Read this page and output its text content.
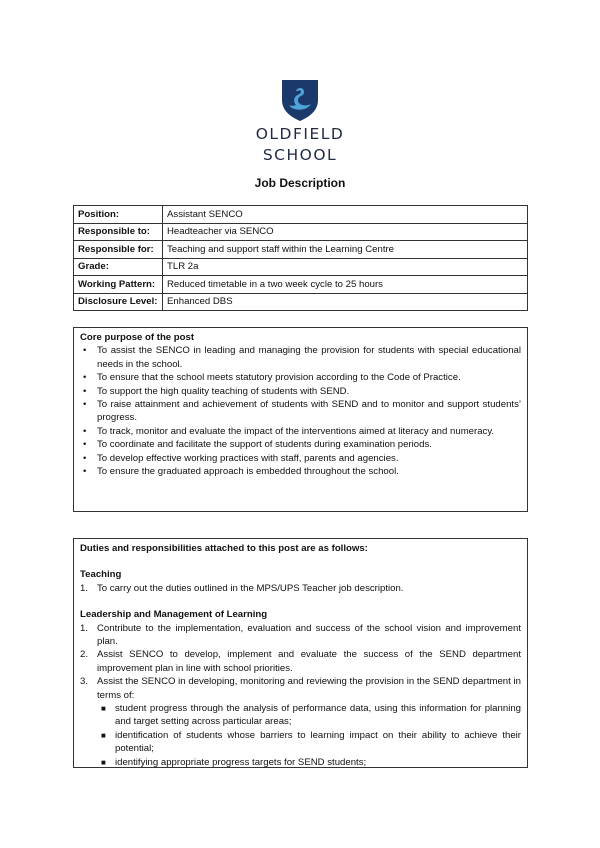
OLDFIELD
SCHOOL
Job Description
Position:	Assistant SENCO
Responsible to:	Headteacher via SENCO
Responsible for:	Teaching and support staff within the Learning Centre
Grade:	TLR 2a
Working Pattern:	Reduced timetable in a two week cycle to 25 hours
Disclosure Level:	Enhanced DBS
Core purpose of the post
• To assist the SENCO in leading and managing the provision for students with special educational needs in the school.
• To ensure that the school meets statutory provision according to the Code of Practice.
• To support the high quality teaching of students with SEND.
• To raise attainment and achievement of students with SEND and to monitor and support students’ progress.
• To track, monitor and evaluate the impact of the interventions aimed at literacy and numeracy.
• To coordinate and facilitate the support of students during examination periods.
• To develop effective working practices with staff, parents and agencies.
• To ensure the graduated approach is embedded throughout the school.
Duties and responsibilities attached to this post are as follows:
Teaching
1. To carry out the duties outlined in the MPS/UPS Teacher job description.
Leadership and Management of Learning
1. Contribute to the implementation, evaluation and success of the school vision and improvement plan.
2. Assist SENCO to develop, implement and evaluate the success of the SEND department improvement plan in line with school priorities.
3. Assist the SENCO in developing, monitoring and reviewing the provision in the SEND department in terms of:
■ student progress through the analysis of performance data, using this information for planning and target setting across particular areas;
■ identification of students whose barriers to learning impact on their ability to achieve their potential;
■ identifying appropriate progress targets for SEND students;
